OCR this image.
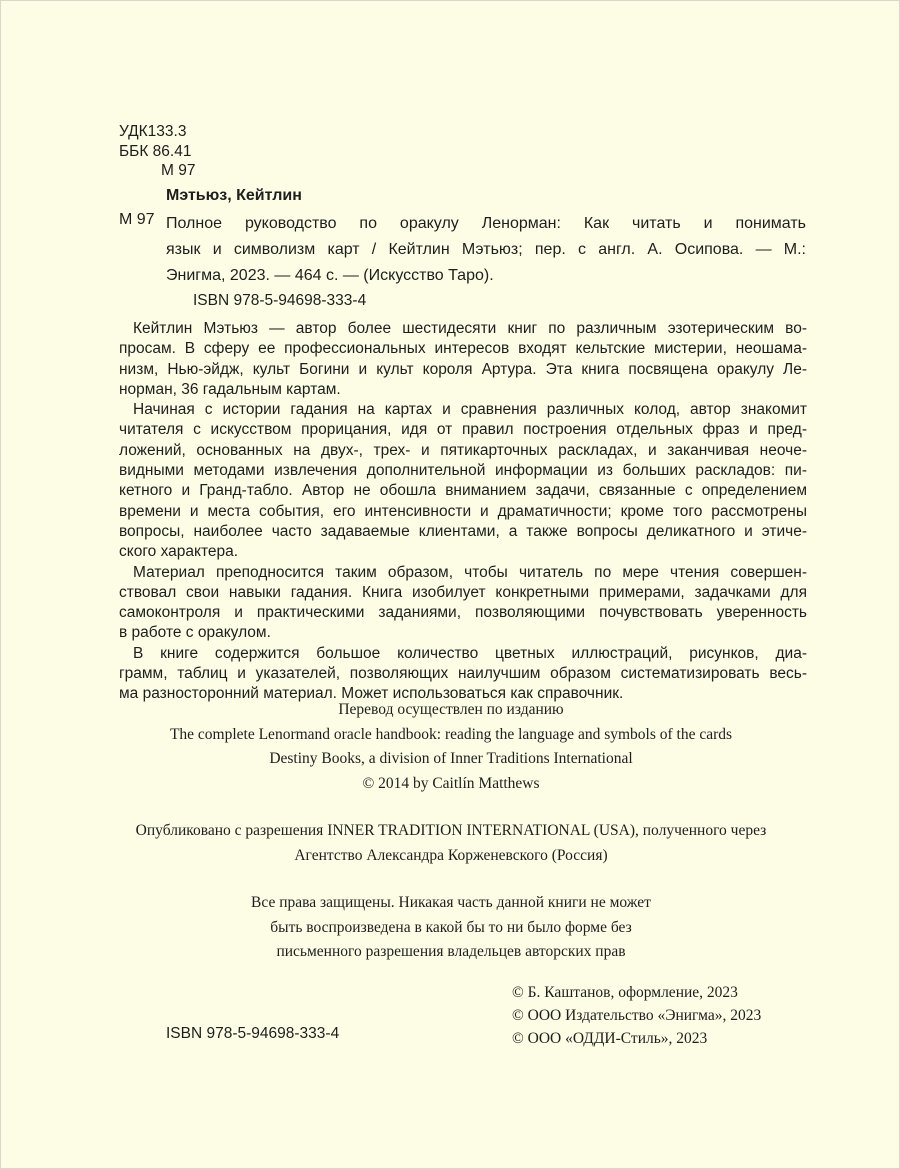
УДК133.3
ББК 86.41
М 97
Мэтьюз, Кейтлин
М 97 Полное руководство по оракулу Ленорман: Как читать и понимать
язык и символизм карт / Кейтлин Мэтьюз; пер. с англ. А. Осипова. — М.:
Энигма, 2023. — 464 с. — (Искусство Таро).
ISBN 978-5-94698-333-4
Кейтлин Мэтьюз — автор более шестидесяти книг по различным эзотерическим во-
просам. В сферу ее профессиональных интересов входят кельтские мистерии, неошама-
низм, Нью-эйдж, культ Богини и культ короля Артура. Эта книга посвящена оракулу Ле-
норман, 36 гадальным картам.
Начиная с истории гадания на картах и сравнения различных колод, автор знакомит
читателя с искусством прорицания, идя от правил построения отдельных фраз и пред-
ложений, основанных на двух-, трех- и пятикарточных раскладах, и заканчивая неоче-
видными методами извлечения дополнительной информации из больших раскладов: пи-
кетного и Гранд-табло. Автор не обошла вниманием задачи, связанные с определением
времени и места события, его интенсивности и драматичности; кроме того рассмотрены
вопросы, наиболее часто задаваемые клиентами, а также вопросы деликатного и этиче-
ского характера.
Материал преподносится таким образом, чтобы читатель по мере чтения совершен-
ствовал свои навыки гадания. Книга изобилует конкретными примерами, задачками для
самоконтроля и практическими заданиями, позволяющими почувствовать уверенность
в работе с оракулом.
В книге содержится большое количество цветных иллюстраций, рисунков, диа-
грамм, таблиц и указателей, позволяющих наилучшим образом систематизировать весь-
ма разносторонний материал. Может использоваться как справочник.
Перевод осуществлен по изданию
The complete Lenormand oracle handbook: reading the language and symbols of the cards
Destiny Books, a division of Inner Traditions International
© 2014 by Caitlín Matthews
Опубликовано с разрешения INNER TRADITION INTERNATIONAL (USA), полученного через
Агентство Александра Корженевского (Россия)
Все права защищены. Никакая часть данной книги не может
быть воспроизведена в какой бы то ни было форме без
письменного разрешения владельцев авторских прав
ISBN 978-5-94698-333-4
© Б. Каштанов, оформление, 2023
© ООО Издательство «Энигма», 2023
© ООО «ОДДИ-Стиль», 2023
